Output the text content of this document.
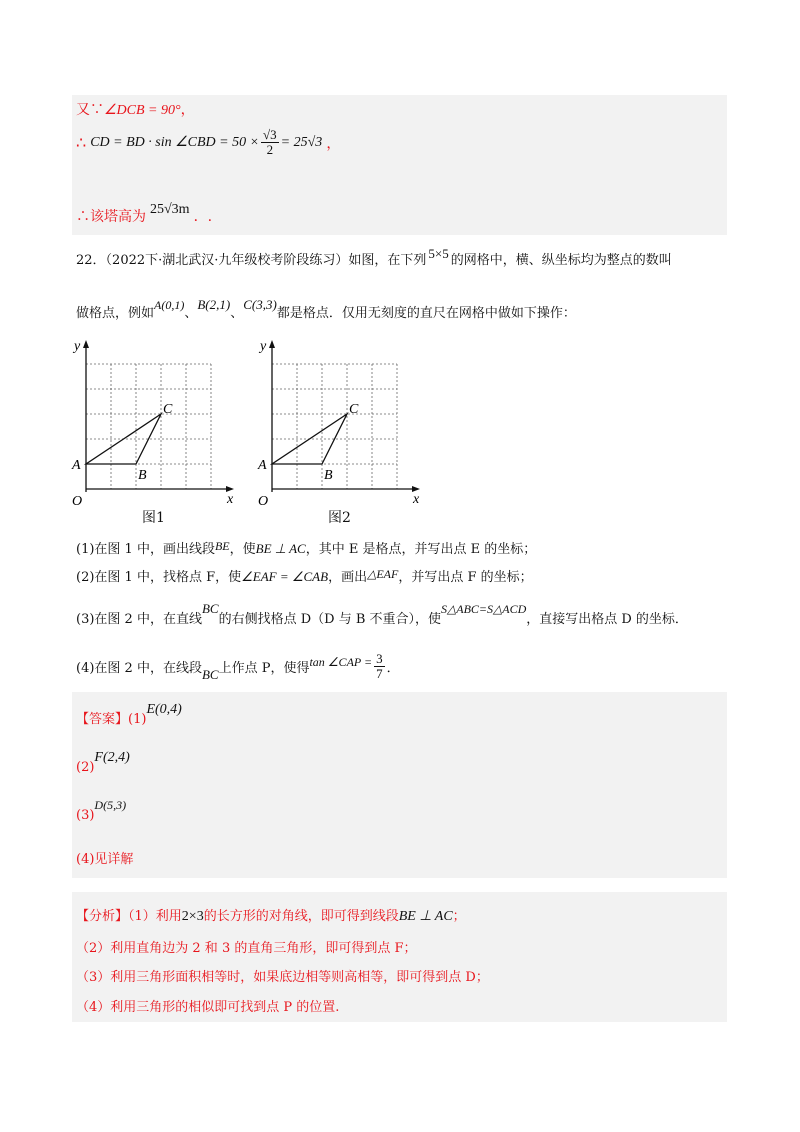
又∵∠DCB = 90°，
∴ CD = BD · sin ∠CBD = $50 \times \frac{√3}{2} = 25√3$ ，
∴该塔高为 25√3m ．.
22．（2022下·湖北武汉·九年级校考阶段练习）如图，在下列 5×5 的网格中，横、纵坐标均为整点的数叫
做格点，例如A(0,1)、B(2,1)、C(3,3)都是格点．仅用无刻度的直尺在网格中做如下操作：
y
x
O
A
B
C
图1
y
x
O
A
B
C
图2
(1)在图 1 中，画出线段BE，使BE ⊥ AC，其中 E 是格点，并写出点 E 的坐标；
(2)在图 1 中，找格点 F，使∠EAF = ∠CAB，画出△EAF，并写出点 F 的坐标；
(3)在图 2 中，在直线BC的右侧找格点 D（D 与 B 不重合），使S△ABC=S△ACD，直接写出格点 D 的坐标．
(4)在图 2 中，在线段 BC 上作点 P，使得 tan ∠CAP = $\frac{3}{7}$ ．
【答案】(1)E(0,4)
(2)F(2,4)
(3)D(5,3)
(4)见详解
【分析】（1）利用2×3的长方形的对角线，即可得到线段BE ⊥ AC；
（2）利用直角边为 2 和 3 的直角三角形，即可得到点 F；
（3）利用三角形面积相等时，如果底边相等则高相等，即可得到点 D；
（4）利用三角形的相似即可找到点 P 的位置.
